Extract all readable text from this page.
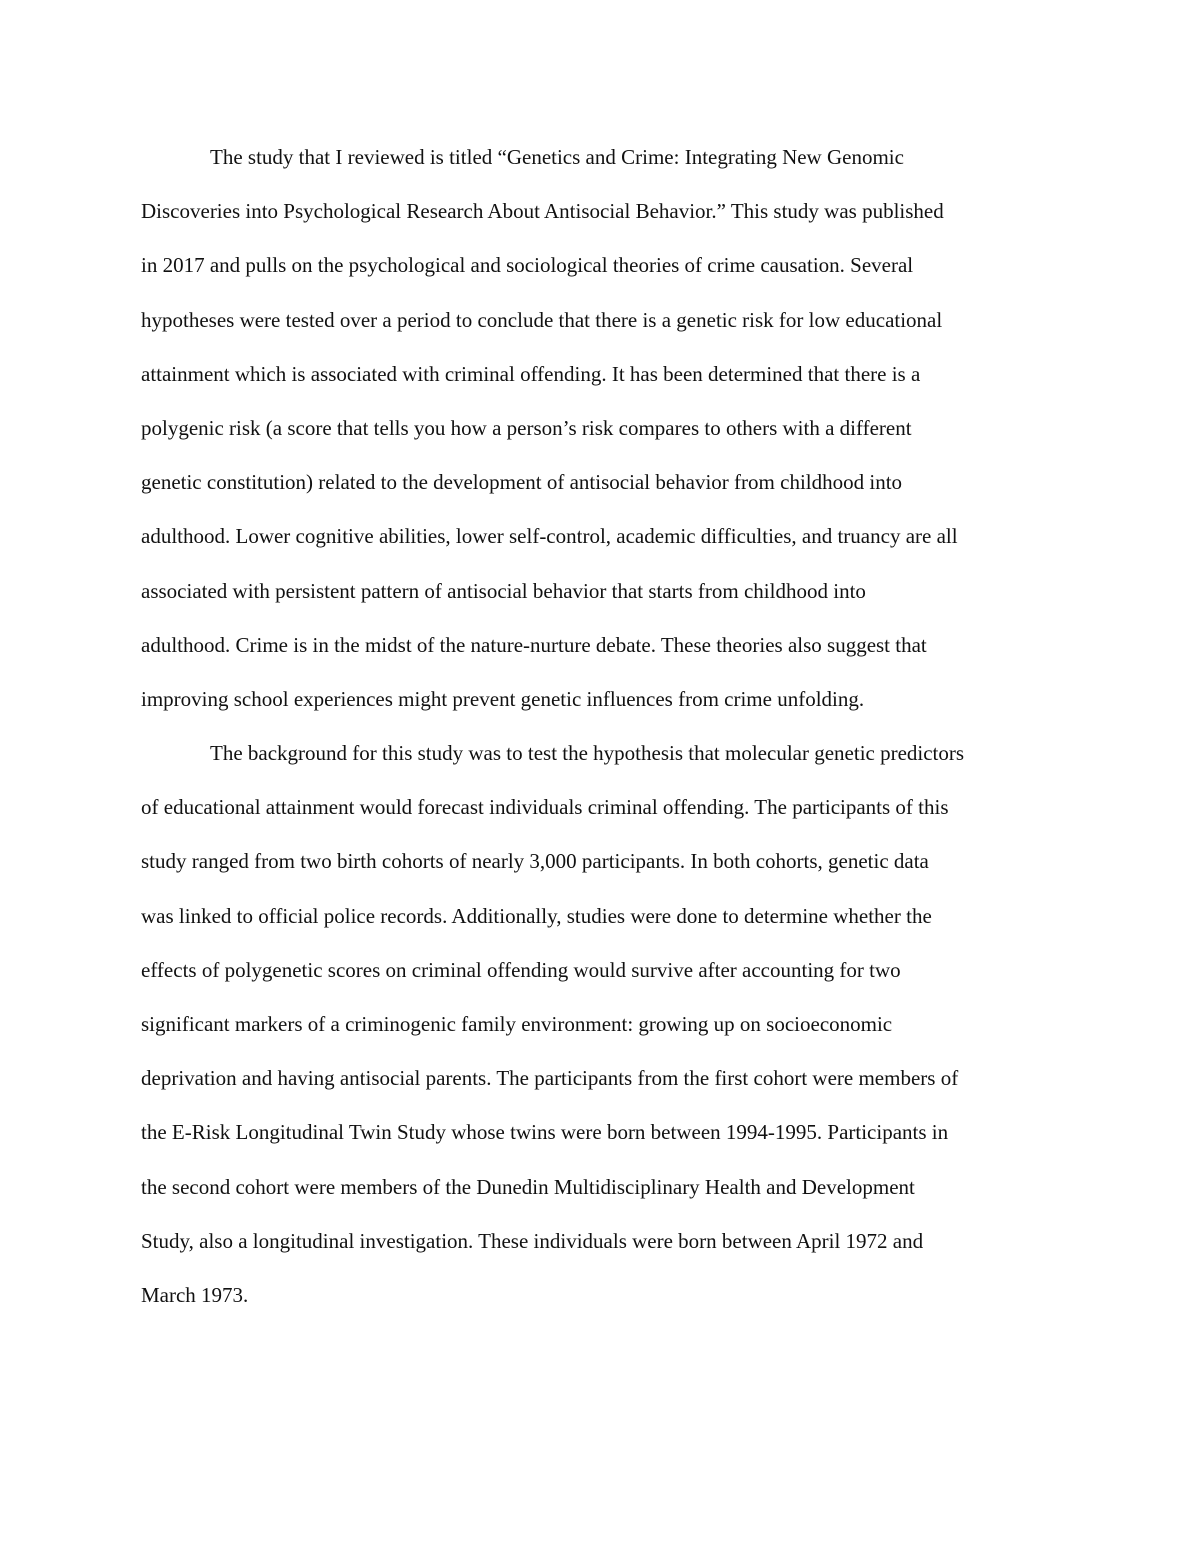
The study that I reviewed is titled “Genetics and Crime: Integrating New Genomic
Discoveries into Psychological Research About Antisocial Behavior.” This study was published
in 2017 and pulls on the psychological and sociological theories of crime causation. Several
hypotheses were tested over a period to conclude that there is a genetic risk for low educational
attainment which is associated with criminal offending. It has been determined that there is a
polygenic risk (a score that tells you how a person’s risk compares to others with a different
genetic constitution) related to the development of antisocial behavior from childhood into
adulthood. Lower cognitive abilities, lower self-control, academic difficulties, and truancy are all
associated with persistent pattern of antisocial behavior that starts from childhood into
adulthood. Crime is in the midst of the nature-nurture debate. These theories also suggest that
improving school experiences might prevent genetic influences from crime unfolding.
The background for this study was to test the hypothesis that molecular genetic predictors
of educational attainment would forecast individuals criminal offending. The participants of this
study ranged from two birth cohorts of nearly 3,000 participants. In both cohorts, genetic data
was linked to official police records. Additionally, studies were done to determine whether the
effects of polygenetic scores on criminal offending would survive after accounting for two
significant markers of a criminogenic family environment: growing up on socioeconomic
deprivation and having antisocial parents. The participants from the first cohort were members of
the E-Risk Longitudinal Twin Study whose twins were born between 1994-1995. Participants in
the second cohort were members of the Dunedin Multidisciplinary Health and Development
Study, also a longitudinal investigation. These individuals were born between April 1972 and
March 1973.
